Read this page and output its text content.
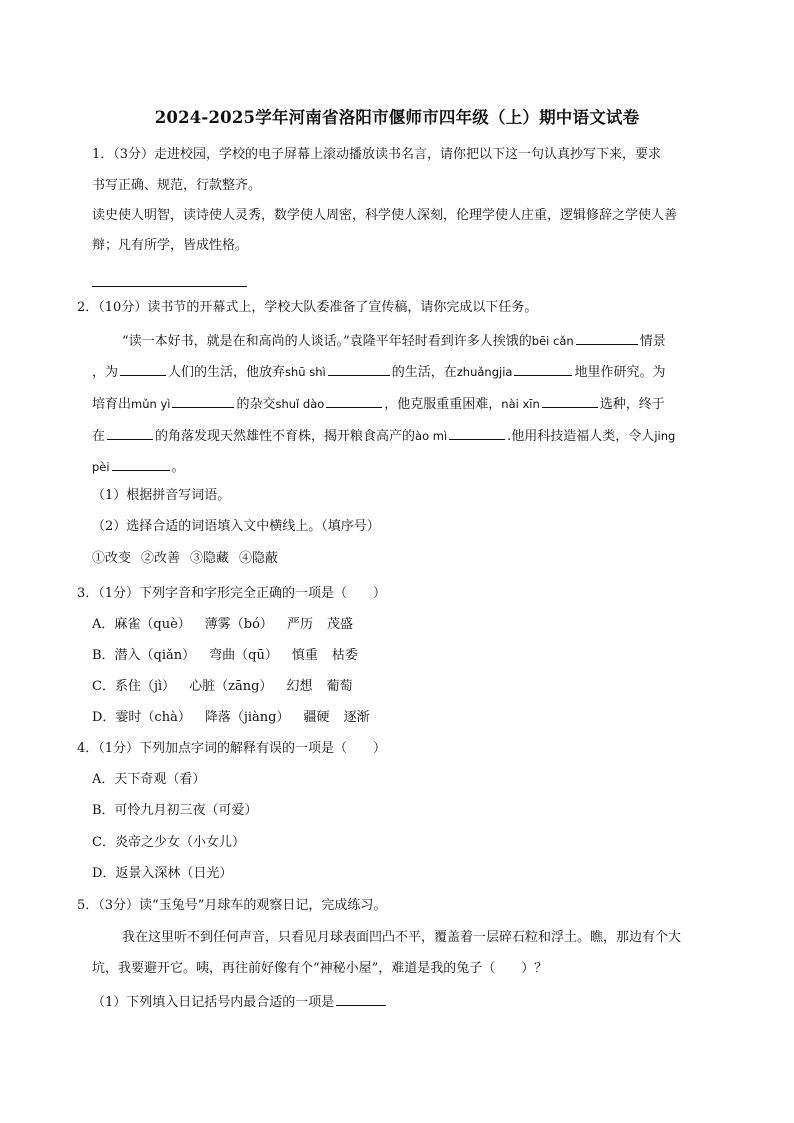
2024-2025学年河南省洛阳市偃师市四年级（上）期中语文试卷
1．（3分）走进校园，学校的电子屏幕上滚动播放读书名言，请你把以下这一句认真抄写下来，要求
书写正确、规范，行款整齐。
读史使人明智，读诗使人灵秀，数学使人周密，科学使人深刻，伦理学使人庄重，逻辑修辞之学使人善
辩；凡有所学，皆成性格。
2．（10分）读书节的开幕式上，学校大队委准备了宣传稿，请你完成以下任务。
“读一本好书，就是在和高尚的人谈话。”袁隆平年轻时看到许多人挨饿的bēi cǎn	情景
，为	人们的生活，他放弃shū shì	的生活，在zhuǎngjia	地里作研究。为
培育出mǔn yì	的杂交shuǐ dào	，他克服重重困难，nài xīn	选种，终于
在	的角落发现天然雄性不育株，揭开粮食高产的ào mì	.他用科技造福人类，令人jing
pèi	。
（1）根据拼音写词语。
（2）选择合适的词语填入文中横线上。（填序号）
①改变 ②改善 ③隐藏 ④隐蔽
3．（1分）下列字音和字形完全正确的一项是（　　）
A．麻雀（què） 薄雾（bó） 严历 茂盛
B．潜入（qiǎn） 弯曲（qū） 慎重 枯委
C．系住（jì） 心脏（zāng） 幻想 葡萄
D．霎时（chà） 降落（jiàng） 疆硬 逐渐
4．（1分）下列加点字词的解释有误的一项是（　　）
A．天下奇观（看）
B．可怜九月初三夜（可爱）
C．炎帝之少女（小女儿）
D．返景入深林（日光）
5．（3分）读“玉兔号”月球车的观察日记，完成练习。
我在这里听不到任何声音，只看见月球表面凹凸不平，覆盖着一层碎石粒和浮土。瞧，那边有个大
坑，我要避开它。咦，再往前好像有个“神秘小屋”，难道是我的兔子（　　）？
（1）下列填入日记括号内最合适的一项是
